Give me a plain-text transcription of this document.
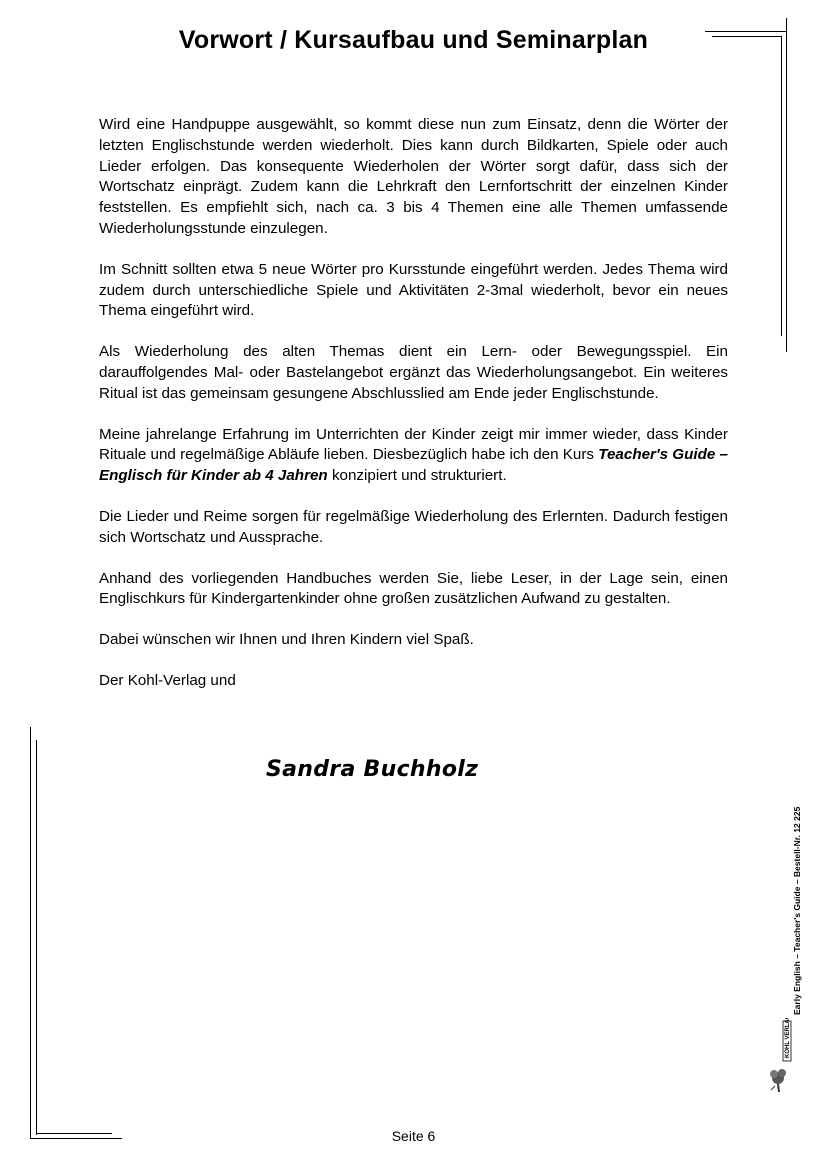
Vorwort / Kursaufbau und Seminarplan

Wird eine Handpuppe ausgewählt, so kommt diese nun zum Einsatz, denn die Wörter der letzten Englischstunde werden wiederholt. Dies kann durch Bildkarten, Spiele oder auch Lieder erfolgen. Das konsequente Wiederholen der Wörter sorgt dafür, dass sich der Wortschatz einprägt. Zudem kann die Lehrkraft den Lernfortschritt der einzelnen Kinder feststellen. Es empfiehlt sich, nach ca. 3 bis 4 Themen eine alle Themen umfassende Wiederholungsstunde einzulegen.

Im Schnitt sollten etwa 5 neue Wörter pro Kursstunde eingeführt werden. Jedes Thema wird zudem durch unterschiedliche Spiele und Aktivitäten 2-3mal wiederholt, bevor ein neues Thema eingeführt wird.

Als Wiederholung des alten Themas dient ein Lern- oder Bewegungsspiel. Ein darauffolgendes Mal- oder Bastelangebot ergänzt das Wiederholungsangebot. Ein weiteres Ritual ist das gemeinsam gesungene Abschlusslied am Ende jeder Englischstunde.

Meine jahrelange Erfahrung im Unterrichten der Kinder zeigt mir immer wieder, dass Kinder Rituale und regelmäßige Abläufe lieben. Diesbezüglich habe ich den Kurs Teacher's Guide – Englisch für Kinder ab 4 Jahren konzipiert und strukturiert.

Die Lieder und Reime sorgen für regelmäßige Wiederholung des Erlernten. Dadurch festigen sich Wortschatz und Aussprache.

Anhand des vorliegenden Handbuches werden Sie, liebe Leser, in der Lage sein, einen Englischkurs für Kindergartenkinder ohne großen zusätzlichen Aufwand zu gestalten.

Dabei wünschen wir Ihnen und Ihren Kindern viel Spaß.

Der Kohl-Verlag und

Sandra Buchholz
Early English – Teacher's Guide – Bestell-Nr. 12 225
KOHL VERLAG
Seite 6
